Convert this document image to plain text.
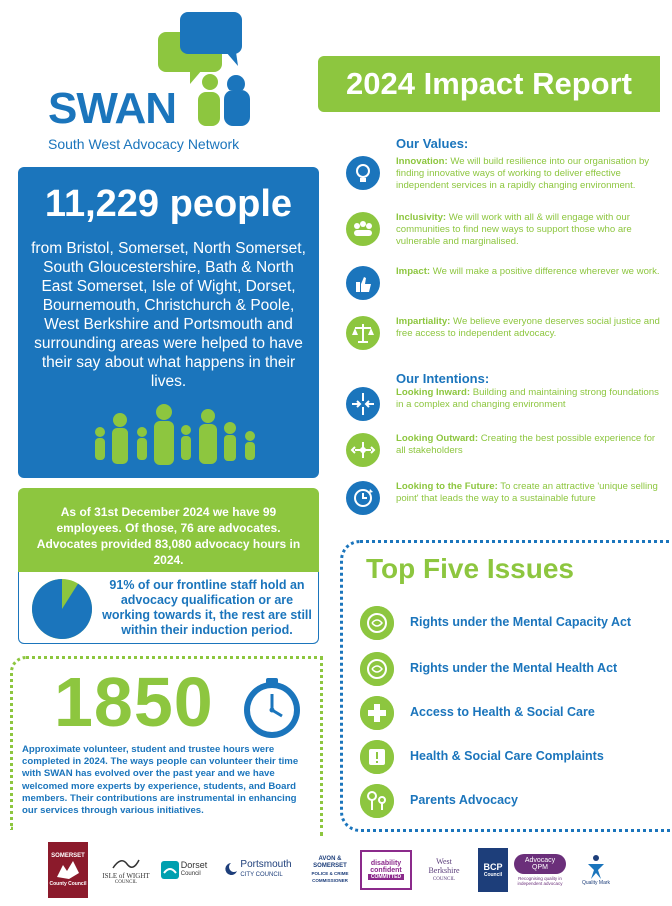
SWAN
South West Advocacy Network
2024 Impact Report
11,229 people
from Bristol, Somerset, North Somerset, South Gloucestershire, Bath & North East Somerset, Isle of Wight, Dorset, Bournemouth, Christchurch & Poole, West Berkshire and Portsmouth and surrounding areas were helped to have their say about what happens in their lives.
As of 31st December 2024 we have 99 employees. Of those, 76 are advocates. Advocates provided 83,080 advocacy hours in 2024.
91% of our frontline staff hold an advocacy qualification or are working towards it, the rest are still within their induction period.
1850
Approximate volunteer, student and trustee hours were completed in 2024. The ways people can volunteer their time with SWAN has evolved over the past year and we have welcomed more experts by experience, students, and Board members. Their contributions are instrumental in enhancing our services through various initiatives.
Our Values:
Innovation: We will build resilience into our organisation by finding innovative ways of working to deliver effective independent services in a rapidly changing environment.
Inclusivity: We will work with all & will engage with our communities to find new ways to support those who are vulnerable and marginalised.
Impact: We will make a positive difference wherever we work.
Impartiality: We believe everyone deserves social justice and free access to independent advocacy.
Our Intentions:
Looking Inward: Building and maintaining strong foundations in a complex and changing environment
Looking Outward: Creating the best possible experience for all stakeholders
Looking to the Future: To create an attractive 'unique selling point' that leads the way to a sustainable future
Top Five Issues
Rights under the Mental Capacity Act
Rights under the Mental Health Act
Access to Health & Social Care
Health & Social Care Complaints
Parents Advocacy
SOMERSET
County Council
ISLE of WIGHT
COUNCIL
Dorset
Council
Portsmouth
CITY COUNCIL
AVON & SOMERSET
POLICE & CRIME COMMISSIONER
disability confident
COMMITTED
West Berkshire
COUNCIL
BCP
Council
Advocacy QPM
Recognising quality in independent advocacy	Quality Mark
